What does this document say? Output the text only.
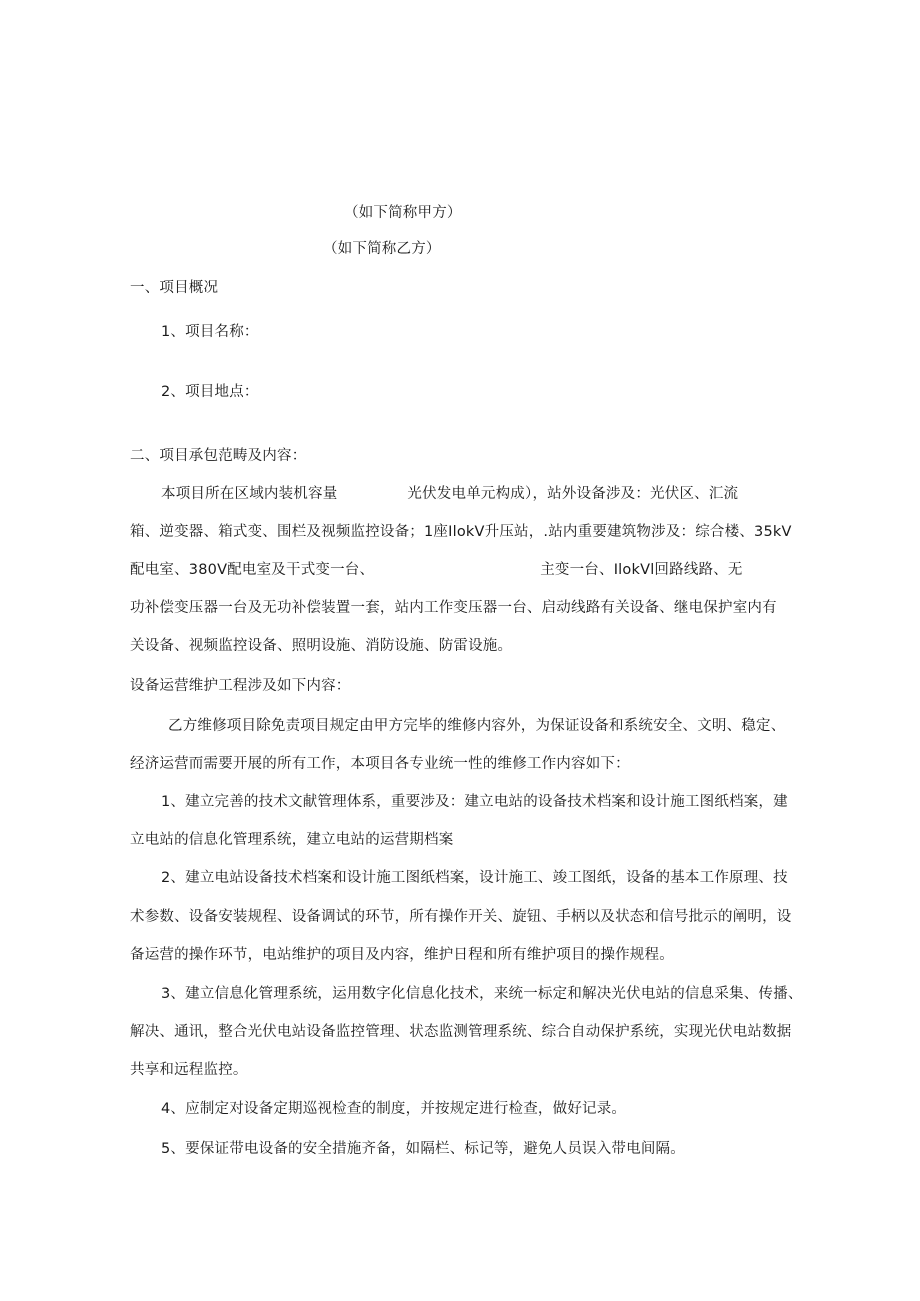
（如下简称甲方）
（如下简称乙方）
一、项目概况
1、项目名称：
2、项目地点：
二、项目承包范畴及内容：
本项目所在区域内装机容量	光伏发电单元构成），站外设备涉及：光伏区、汇流
箱、逆变器、箱式变、围栏及视频监控设备；1座IlokV升压站，.站内重要建筑物涉及：综合楼、35kV
配电室、380V配电室及干式变一台、	主变一台、IlokVl回路线路、无
功补偿变压器一台及无功补偿装置一套，站内工作变压器一台、启动线路有关设备、继电保护室内有
关设备、视频监控设备、照明设施、消防设施、防雷设施。
设备运营维护工程涉及如下内容：
乙方维修项目除免责项目规定由甲方完毕的维修内容外，为保证设备和系统安全、文明、稳定、
经济运营而需要开展的所有工作，本项目各专业统一性的维修工作内容如下：
1、建立完善的技术文献管理体系，重要涉及：建立电站的设备技术档案和设计施工图纸档案，建
立电站的信息化管理系统，建立电站的运营期档案
2、建立电站设备技术档案和设计施工图纸档案，设计施工、竣工图纸，设备的基本工作原理、技
术参数、设备安装规程、设备调试的环节，所有操作开关、旋钮、手柄以及状态和信号批示的阐明，设
备运营的操作环节，电站维护的项目及内容，维护日程和所有维护项目的操作规程。
3、建立信息化管理系统，运用数字化信息化技术，来统一标定和解决光伏电站的信息采集、传播、
解决、通讯，整合光伏电站设备监控管理、状态监测管理系统、综合自动保护系统，实现光伏电站数据
共享和远程监控。
4、应制定对设备定期巡视检查的制度，并按规定进行检查，做好记录。
5、要保证带电设备的安全措施齐备，如隔栏、标记等，避免人员误入带电间隔。
